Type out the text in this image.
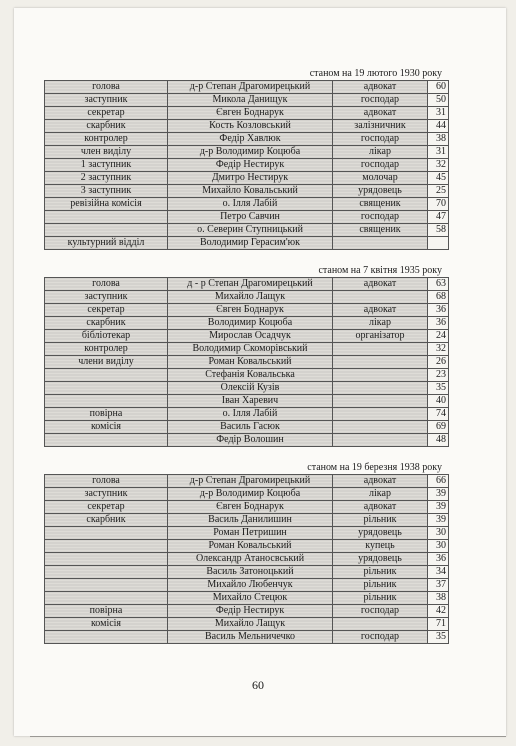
станом на 19 лютого 1930 року
голова	д-р Степан Драгомирецький	адвокат	60
заступник	Микола Данищук	господар	50
секретар	Євген Боднарук	адвокат	31
скарбник	Кость Козловський	залізничник	44
контролер	Федір Хавлюк	господар	38
член виділу	д-р Володимир Коцюба	лікар	31
1 заступник	Федір Нестирук	господар	32
2 заступник	Дмитро Нестирук	молочар	45
3 заступник	Михайло Ковальський	урядовець	25
ревізійна комісія	о. Ілля Лабій	священик	70
	Петро Савчин	господар	47
	о. Северин Ступницький	священик	58
культурний відділ	Володимир Герасим'юк		
станом на 7 квітня 1935 року
голова	д - р Степан Драгомирецький	адвокат	63
заступник	Михайло Лащук		68
секретар	Євген Боднарук	адвокат	36
скарбник	Володимир Коцюба	лікар	36
бібліотекар	Мирослав Осадчук	організатор	24
контролер	Володимир Скоморівський		32
члени виділу	Роман Ковальський		26
	Стефанія Ковальська		23
	Олексій Кузів		35
	Іван Харевич		40
повірна	о. Ілля Лабій		74
комісія	Василь Гасюк		69
	Федір Волошин		48
станом на 19 березня 1938 року
голова	д-р Степан Драгомирецький	адвокат	66
заступник	д-р Володимир Коцюба	лікар	39
секретар	Євген Боднарук	адвокат	39
скарбник	Василь Данилишин	рільник	39
	Роман Петришин	урядовець	30
	Роман Ковальський	купець	30
	Олександр Атаносвський	урядовець	36
	Василь Затоноцький	рільник	34
	Михайло Любенчук	рільник	37
	Михайло Стецюк	рільник	38
повірна	Федір Нестирук	господар	42
комісія	Михайло Лащук		71
	Василь Мельничечко	господар	35
60
